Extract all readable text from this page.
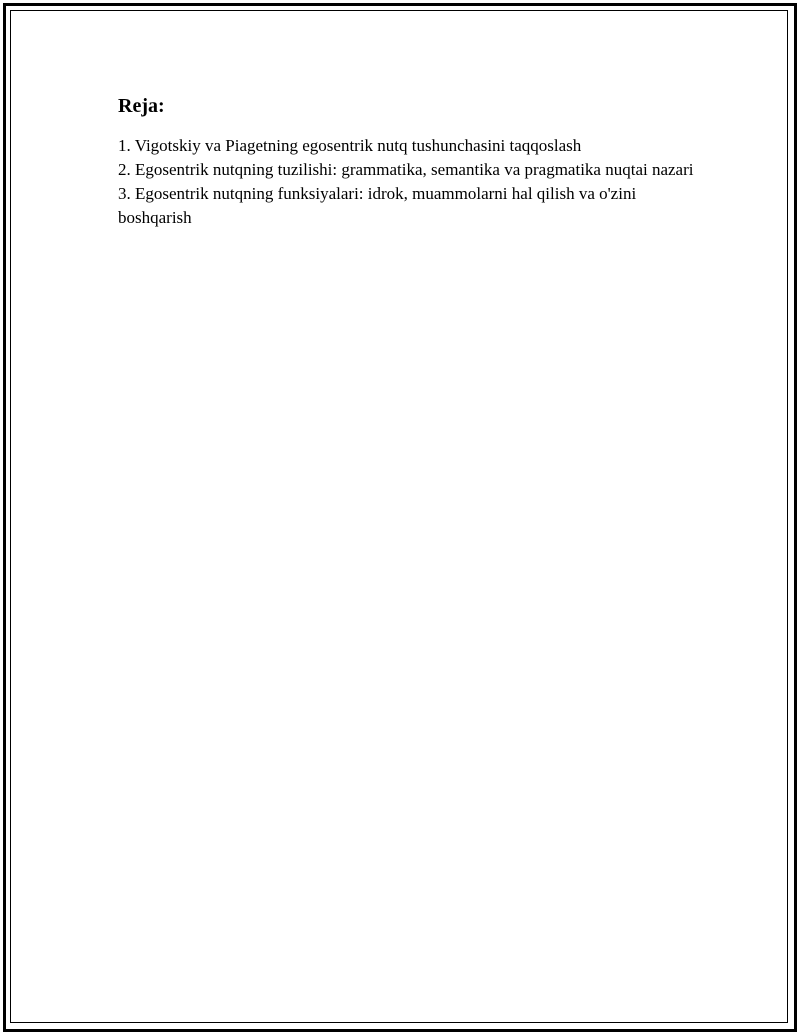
Reja:
1. Vigotskiy va Piagetning egosentrik nutq tushunchasini taqqoslash
2. Egosentrik nutqning tuzilishi: grammatika, semantika va pragmatika nuqtai nazari
3. Egosentrik nutqning funksiyalari: idrok, muammolarni hal qilish va o'zini boshqarish
